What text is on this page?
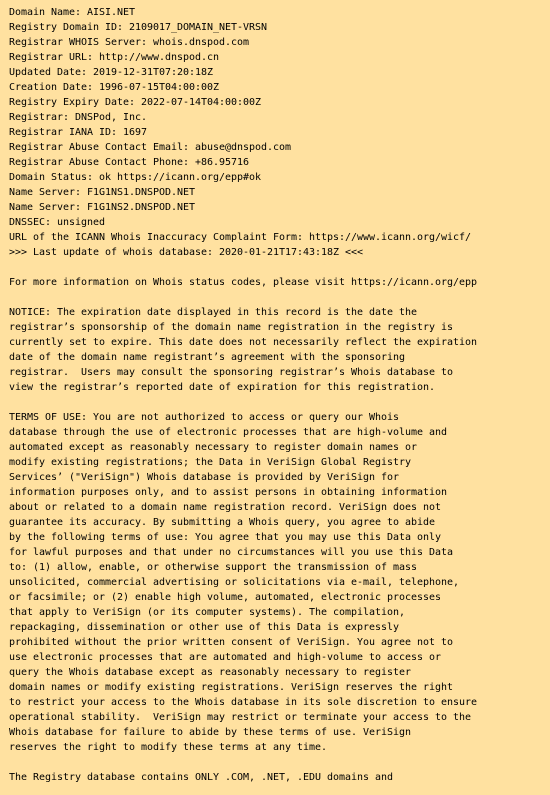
Domain Name: AISI.NET
Registry Domain ID: 2109017_DOMAIN_NET-VRSN
Registrar WHOIS Server: whois.dnspod.com
Registrar URL: http://www.dnspod.cn
Updated Date: 2019-12-31T07:20:18Z
Creation Date: 1996-07-15T04:00:00Z
Registry Expiry Date: 2022-07-14T04:00:00Z
Registrar: DNSPod, Inc.
Registrar IANA ID: 1697
Registrar Abuse Contact Email: abuse@dnspod.com
Registrar Abuse Contact Phone: +86.95716
Domain Status: ok https://icann.org/epp#ok
Name Server: F1G1NS1.DNSPOD.NET
Name Server: F1G1NS2.DNSPOD.NET
DNSSEC: unsigned
URL of the ICANN Whois Inaccuracy Complaint Form: https://www.icann.org/wicf/
>>> Last update of whois database: 2020-01-21T17:43:18Z <<<
For more information on Whois status codes, please visit https://icann.org/epp
NOTICE: The expiration date displayed in this record is the date the
registrar’s sponsorship of the domain name registration in the registry is
currently set to expire. This date does not necessarily reflect the expiration
date of the domain name registrant’s agreement with the sponsoring
registrar.  Users may consult the sponsoring registrar’s Whois database to
view the registrar’s reported date of expiration for this registration.
TERMS OF USE: You are not authorized to access or query our Whois
database through the use of electronic processes that are high-volume and
automated except as reasonably necessary to register domain names or
modify existing registrations; the Data in VeriSign Global Registry
Services’ ("VeriSign") Whois database is provided by VeriSign for
information purposes only, and to assist persons in obtaining information
about or related to a domain name registration record. VeriSign does not
guarantee its accuracy. By submitting a Whois query, you agree to abide
by the following terms of use: You agree that you may use this Data only
for lawful purposes and that under no circumstances will you use this Data
to: (1) allow, enable, or otherwise support the transmission of mass
unsolicited, commercial advertising or solicitations via e-mail, telephone,
or facsimile; or (2) enable high volume, automated, electronic processes
that apply to VeriSign (or its computer systems). The compilation,
repackaging, dissemination or other use of this Data is expressly
prohibited without the prior written consent of VeriSign. You agree not to
use electronic processes that are automated and high-volume to access or
query the Whois database except as reasonably necessary to register
domain names or modify existing registrations. VeriSign reserves the right
to restrict your access to the Whois database in its sole discretion to ensure
operational stability.  VeriSign may restrict or terminate your access to the
Whois database for failure to abide by these terms of use. VeriSign
reserves the right to modify these terms at any time.
The Registry database contains ONLY .COM, .NET, .EDU domains and
